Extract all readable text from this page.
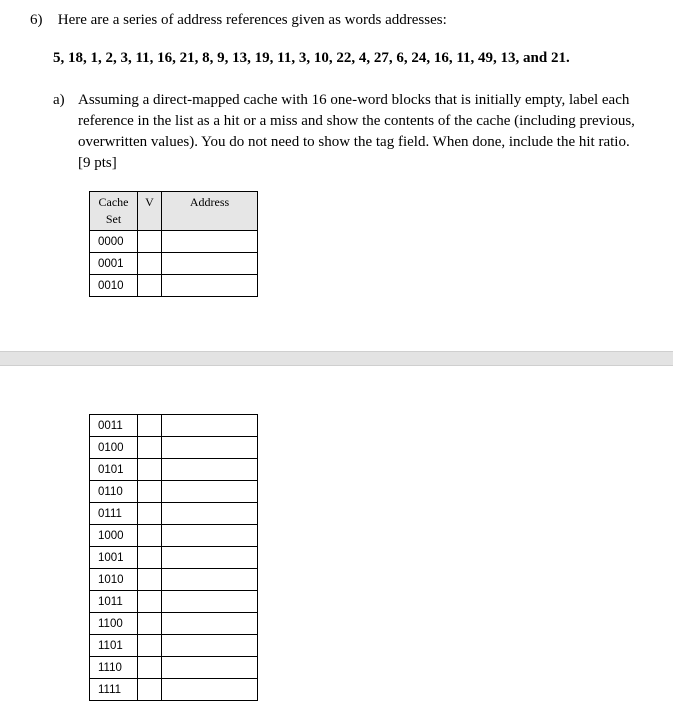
6) Here are a series of address references given as words addresses:
5, 18, 1, 2, 3, 11, 16, 21, 8, 9, 13, 19, 11, 3, 10, 22, 4, 27, 6, 24, 16, 11, 49, 13, and 21.
a) Assuming a direct-mapped cache with 16 one-word blocks that is initially empty, label each
reference in the list as a hit or a miss and show the contents of the cache (including previous,
overwritten values). You do not need to show the tag field. When done, include the hit ratio.
[9 pts]
Cache
Set	V	Address
0000		
0001		
0010		
0011		
0100		
0101		
0110		
0111		
1000		
1001		
1010		
1011		
1100		
1101		
1110		
1111		
